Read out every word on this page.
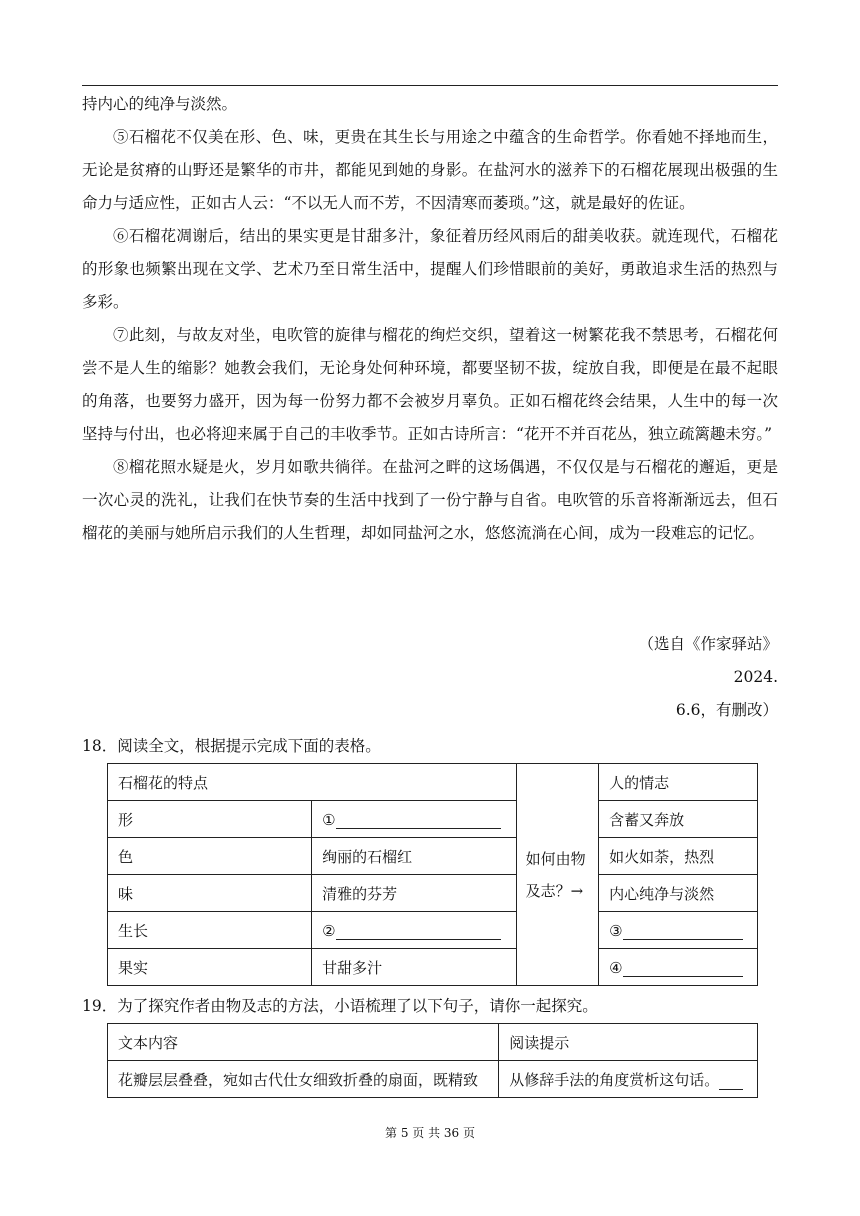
持内心的纯净与淡然。

⑤石榴花不仅美在形、色、味，更贵在其生长与用途之中蕴含的生命哲学。你看她不择地而生，无论是贫瘠的山野还是繁华的市井，都能见到她的身影。在盐河水的滋养下的石榴花展现出极强的生命力与适应性，正如古人云：“不以无人而不芳，不因清寒而萎琐。”这，就是最好的佐证。

⑥石榴花凋谢后，结出的果实更是甘甜多汁，象征着历经风雨后的甜美收获。就连现代，石榴花的形象也频繁出现在文学、艺术乃至日常生活中，提醒人们珍惜眼前的美好，勇敢追求生活的热烈与多彩。

⑦此刻，与故友对坐，电吹管的旋律与榴花的绚烂交织，望着这一树繁花我不禁思考，石榴花何尝不是人生的缩影？她教会我们，无论身处何种环境，都要坚韧不拔，绽放自我，即便是在最不起眼的角落，也要努力盛开，因为每一份努力都不会被岁月辜负。正如石榴花终会结果，人生中的每一次坚持与付出，也必将迎来属于自己的丰收季节。正如古诗所言：“花开不并百花丛，独立疏篱趣未穷。”

⑧榴花照水疑是火，岁月如歌共徜徉。在盐河之畔的这场偶遇，不仅仅是与石榴花的邂逅，更是一次心灵的洗礼，让我们在快节奏的生活中找到了一份宁静与自省。电吹管的乐音将渐渐远去，但石榴花的美丽与她所启示我们的人生哲理，却如同盐河之水，悠悠流淌在心间，成为一段难忘的记忆。

（选自《作家驿站》
2024.
6.6，有删改）
18．阅读全文，根据提示完成下面的表格。
石榴花的特点		如何由物及志？→	人的情志
形	①		含蓄又奔放
色	绚丽的石榴红		如火如荼，热烈
味	清雅的芬芳		内心纯净与淡然
生长	②		③
果实	甘甜多汁		④
19．为了探究作者由物及志的方法，小语梳理了以下句子，请你一起探究。
文本内容	阅读提示
花瓣层层叠叠，宛如古代仕女细致折叠的扇面，既精致	从修辞手法的角度赏析这句话。
第 5 页 共 36 页
